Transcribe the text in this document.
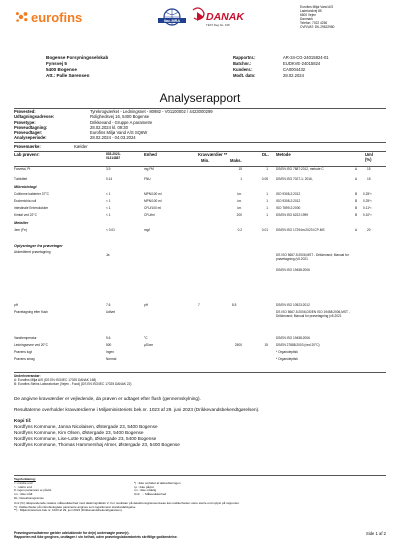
eurofins	ilac-MRA DANAK
TEST Reg.No. 168
Eurofins Miljø Vand A/S
Ladelundvej 85
6600 Vejen
Danmark
Telefon: 7022 4256
CVR/VAT: DK-29822980
Bogense Forsyningsselskab
Fynsvej 5
5400 Bogense
Att.: Palle Sørensen
Rapportnr.:	AR-24-CG-24015824-01
Batchnr.:	EUDKVE-24015824
Kundenr.:	CA0004432
Modt. dato:	28.02.2024
Analyserapport
Prøvested:	Tyrekrogværket - Ledningsnet - 80982 - V01100002 / 4423000299
Udtagningsadresse:	Rolighedsvej 16, 5400 Bogense
Prøvetype:	Drikkevand - Gruppe A parametre
Prøveudtagning:	28.02.2024 kl. 09:30
Prøveudtager:	Eurofins Miljø Vand A/S SQ6W
Analyseperiode:	28.02.2024 - 04.03.2024
Prøvemærke:	Kælder
Lab prøvenr:	835-2023-01314887
Enhed	Kravværdier **
Min.	Maks.
DL. Metode	Uml
(%)
Farvetal, Pt	3.9	mg Pt/l	15	1	DS/EN ISO 7887:2012, metode C	A	15
Turbiditet	0.14	FNU	1	0.05	DS/EN ISO 7027-1: 2016,	A	15
Mikrobiologi
Coliforme bakterier 37°C	< 1	MPN/100 ml	i.m.	1	ISO 9308-2:2012	B 0.25*²
Escherichia coli	< 1	MPN/100 ml	i.m.	1	ISO 9308-2:2012	B 0.25*²
Intestinale Enterokokker	< 1	CFU/100 ml	i.m.	1	ISO 7899-2:2000	B 0.11*²
Kimtal ved 22°C	< 1	CFU/ml	200	1	DS/EN ISO 6222:1999	B 0.10*²
Metaller
Jern (Fe)	< 0.01	mg/l	0.2	0.01	DS/EN ISO 17294m:2023 ICP-MS	A	20
Oplysninger fra prøvetager
Akkrediteret prøvetagning
Ja	DS ISO 5667-5:2006,MST - Drikkevand; Manual for prøvetagning (v5.2021
DS/EN ISO 19458:2006
pH	7.6	pH	7	8.5	DS/EN ISO 10523:2012
Prøvetagning efter flush	Udført	DS ISO 5667-5:2006,DS/EN ISO 19458:2006,MST - Drikkevand; Manual for prøvetagning (v5.2021
Vandtemperatur	9.6	°C	DS/EN ISO 19458:2006
Ledningsevne ved 20°C	500	μS/cm	2500	15	DS/EN 27888:2003 (ved 20°C)
Prøvens lugt	Ingen	* Organoleptisk
Prøvens smag	Normal	* Organoleptisk
Underleverandør:
A: Eurofins Miljø A/S (DS EN ISO/IEC 17025 DANAK 168)
B: Eurofins Steins Laboratorium (Vejen - Food) (DS EN ISO/IEC 17025 DANAK 22)
De angivne kravværdier er vejledende, da prøven er udtaget efter flush (gennemskylning).
Resultaterne overholder kravværdierne i Miljøministeriets bek.nr. 1023 af 29. juni 2023 (Drikkevandsbekendtgørelsen).
Kopi til:
Nordfyns Kommune, Janna Nicolaisen, Østergade 23, 5400 Bogense
Nordfyns Kommune, Kim Olsen, Østergade 23, 5400 Bogense
Nordfyns Kommune, Lise-Lotte Kragh, Østergade 23, 5400 Bogense
Nordfyns Kommune, Thomas Hammershøj Almer, Østergade 23, 5400 Bogense
Tegnforklaring:
<: mindre end
> : større end
#: ingen parametre er påvist
i.m.: ikke målt
DL: Detektionsgrænse
*) : Ikke omfattet af akkrediteringen
i.p.: ikke påvist
i.m.: ikke målelig
Uml: ...: Måleusikkerhed
Uml (%): Ekspanderede relative måleusikkerhed med dækningsfaktor 2. For resultater på detektionsgrænseniveau kan usikkerheden være større end oplyst på rapporten.
*²): Usikkerheder på mikrobiologiske parametre angives som logaritmeret standardafvigelse
**) : Miljøministeriets bek.nr. 1023 af 29. juni 2023 (Drikkevandsbekendtgørelsen).
Prøvningsresultaterne gælder udelukkende for de(n) undersøgte prøve(r).
Rapporten må ikke gengives, undtagen i sin helhed, uden prøvningslaboratoriets skriftlige godkendelse.
Side 1 af 2
